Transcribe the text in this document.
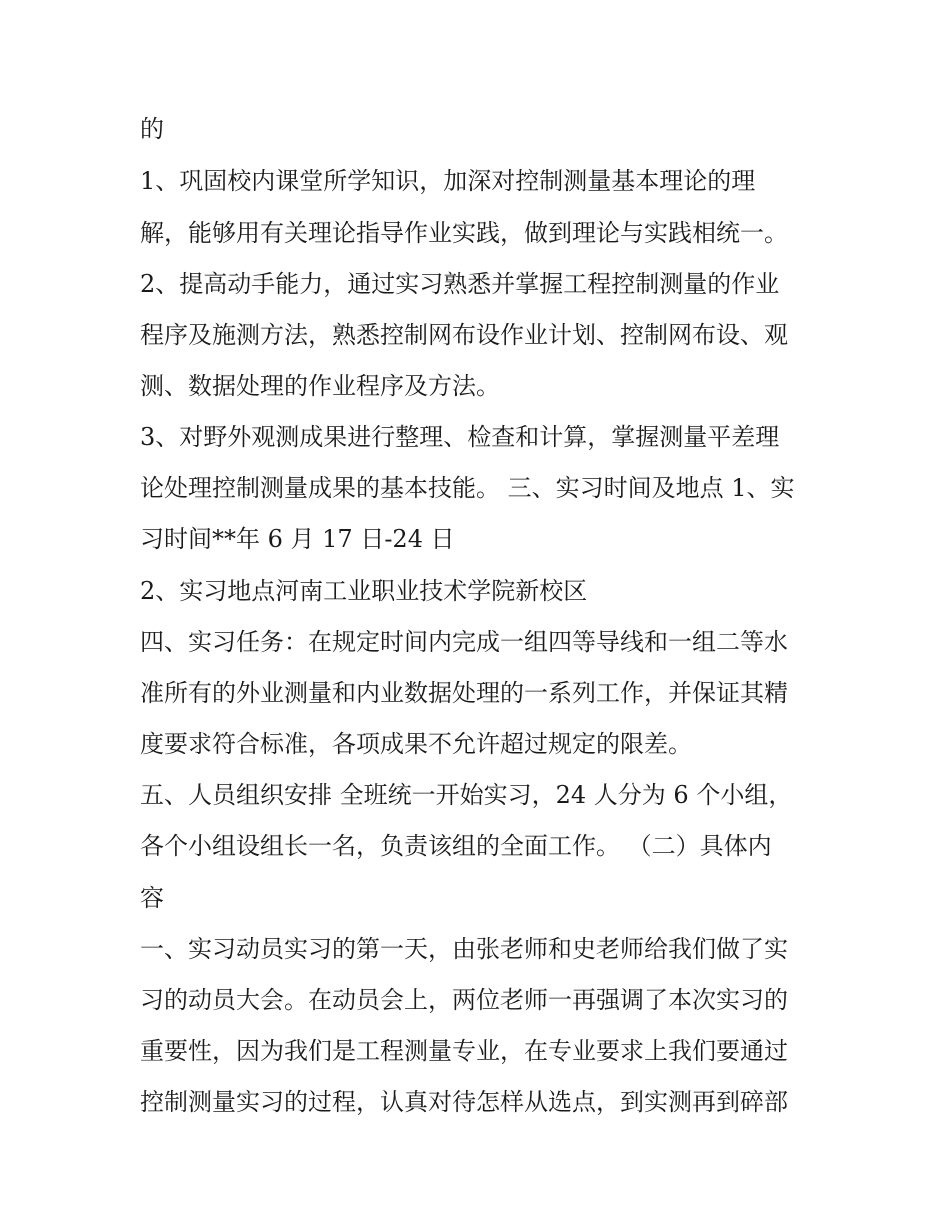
的
1、巩固校内课堂所学知识，加深对控制测量基本理论的理
解，能够用有关理论指导作业实践，做到理论与实践相统一。
2、提高动手能力，通过实习熟悉并掌握工程控制测量的作业
程序及施测方法，熟悉控制网布设作业计划、控制网布设、观
测、数据处理的作业程序及方法。
3、对野外观测成果进行整理、检查和计算，掌握测量平差理
论处理控制测量成果的基本技能。 三、实习时间及地点 1、实
习时间**年 6 月 17 日-24 日
2、实习地点河南工业职业技术学院新校区
四、实习任务：在规定时间内完成一组四等导线和一组二等水
准所有的外业测量和内业数据处理的一系列工作，并保证其精
度要求符合标准，各项成果不允许超过规定的限差。
五、人员组织安排 全班统一开始实习，24 人分为 6 个小组，
各个小组设组长一名，负责该组的全面工作。 （二）具体内
容
一、实习动员实习的第一天，由张老师和史老师给我们做了实
习的动员大会。在动员会上，两位老师一再强调了本次实习的
重要性，因为我们是工程测量专业，在专业要求上我们要通过
控制测量实习的过程，认真对待怎样从选点，到实测再到碎部
